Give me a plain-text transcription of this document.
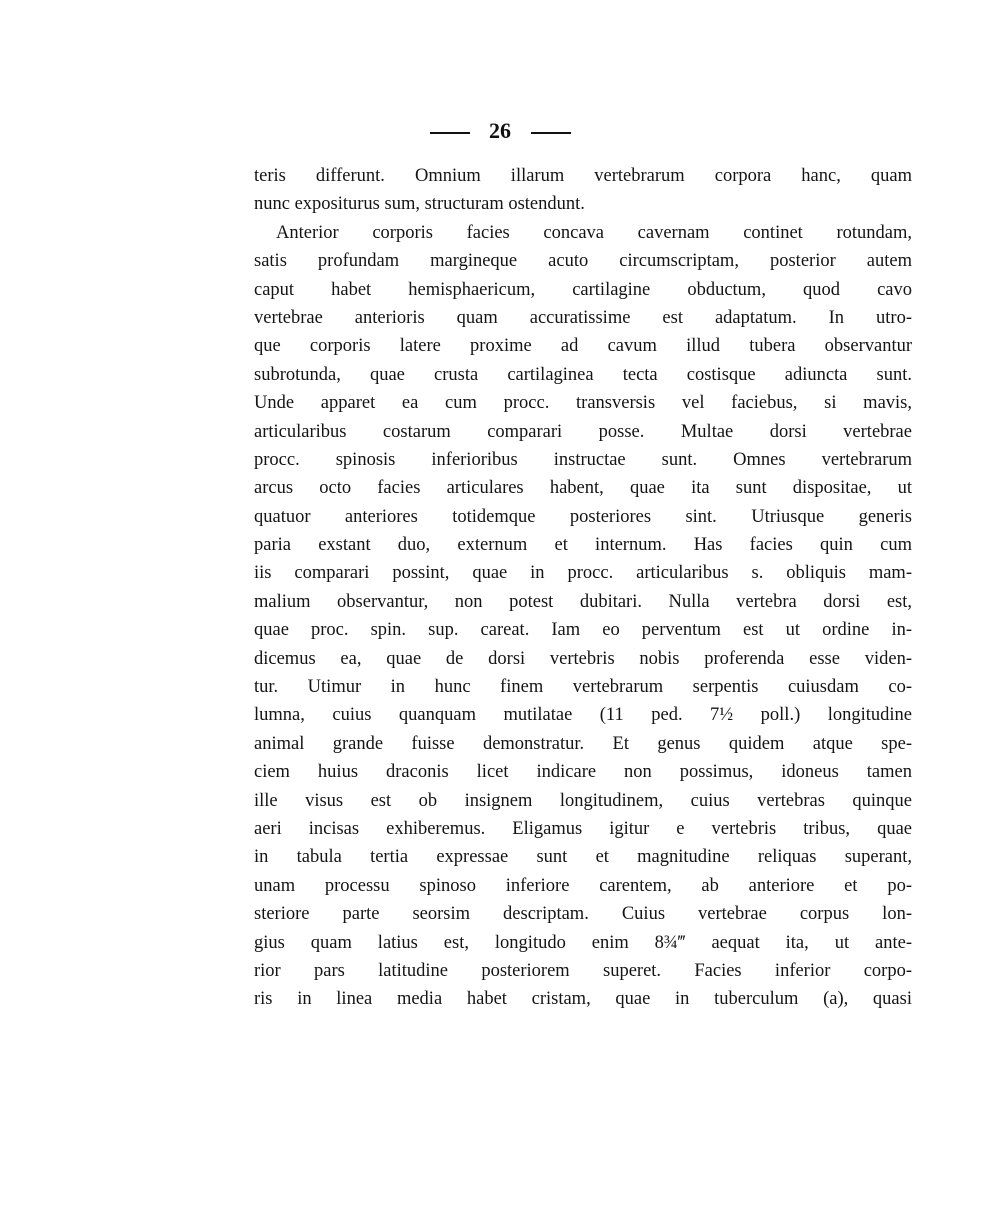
26
teris differunt. Omnium illarum vertebrarum corpora hanc, quam
nunc expositurus sum, structuram ostendunt.
Anterior corporis facies concava cavernam continet rotundam,
satis profundam margineque acuto circumscriptam, posterior autem
caput habet hemisphaericum, cartilagine obductum, quod cavo
vertebrae anterioris quam accuratissime est adaptatum. In utro-
que corporis latere proxime ad cavum illud tubera observantur
subrotunda, quae crusta cartilaginea tecta costisque adiuncta sunt.
Unde apparet ea cum procc. transversis vel faciebus, si mavis,
articularibus costarum comparari posse. Multae dorsi vertebrae
procc. spinosis inferioribus instructae sunt. Omnes vertebrarum
arcus octo facies articulares habent, quae ita sunt dispositae, ut
quatuor anteriores totidemque posteriores sint. Utriusque generis
paria exstant duo, externum et internum. Has facies quin cum
iis comparari possint, quae in procc. articularibus s. obliquis mam-
malium observantur, non potest dubitari. Nulla vertebra dorsi est,
quae proc. spin. sup. careat. Iam eo perventum est ut ordine in-
dicemus ea, quae de dorsi vertebris nobis proferenda esse viden-
tur. Utimur in hunc finem vertebrarum serpentis cuiusdam co-
lumna, cuius quanquam mutilatae (11 ped. 7½ poll.) longitudine
animal grande fuisse demonstratur. Et genus quidem atque spe-
ciem huius draconis licet indicare non possimus, idoneus tamen
ille visus est ob insignem longitudinem, cuius vertebras quinque
aeri incisas exhiberemus. Eligamus igitur e vertebris tribus, quae
in tabula tertia expressae sunt et magnitudine reliquas superant,
unam processu spinoso inferiore carentem, ab anteriore et po-
steriore parte seorsim descriptam. Cuius vertebrae corpus lon-
gius quam latius est, longitudo enim 8¾‴ aequat ita, ut ante-
rior pars latitudine posteriorem superet. Facies inferior corpo-
ris in linea media habet cristam, quae in tuberculum (a), quasi
